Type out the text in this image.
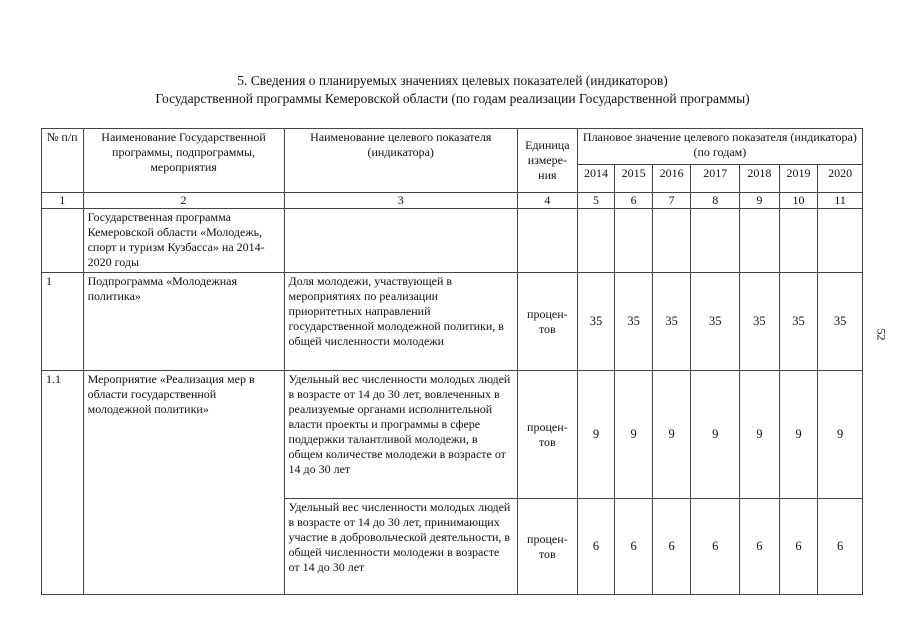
5. Сведения о планируемых значениях целевых показателей (индикаторов)
Государственной программы Кемеровской области (по годам реализации Государственной программы)
52
№ п/п	Наименование Государственной программы, подпрограммы, мероприятия	Наименование целевого показателя (индикатора)	Единица измере-ния	Плановое значение целевого показателя (индикатора) (по годам)						
				2014	2015	2016	2017	2018	2019	2020
1	2	3	4	5	6	7	8	9	10	11
	Государственная программа Кемеровской области «Молодежь, спорт и туризм Кузбасса» на 2014-2020 годы									
1	Подпрограмма «Молодежная политика»	Доля молодежи, участвующей в мероприятиях по реализации приоритетных направлений государственной молодежной политики, в общей численности молодежи	процен-тов	35	35	35	35	35	35	35
1.1	Мероприятие «Реализация мер в области государственной молодежной политики»	Удельный вес численности молодых людей в возрасте от 14 до 30 лет, вовлеченных в реализуемые органами исполнительной власти проекты и программы в сфере поддержки талантливой молодежи, в общем количестве молодежи в возрасте от 14 до 30 лет	процен-тов	9	9	9	9	9	9	9
		Удельный вес численности молодых людей в возрасте от 14 до 30 лет, принимающих участие в добровольческой деятельности, в общей численности молодежи в возрасте от 14 до 30 лет	процен-тов	6	6	6	6	6	6	6
